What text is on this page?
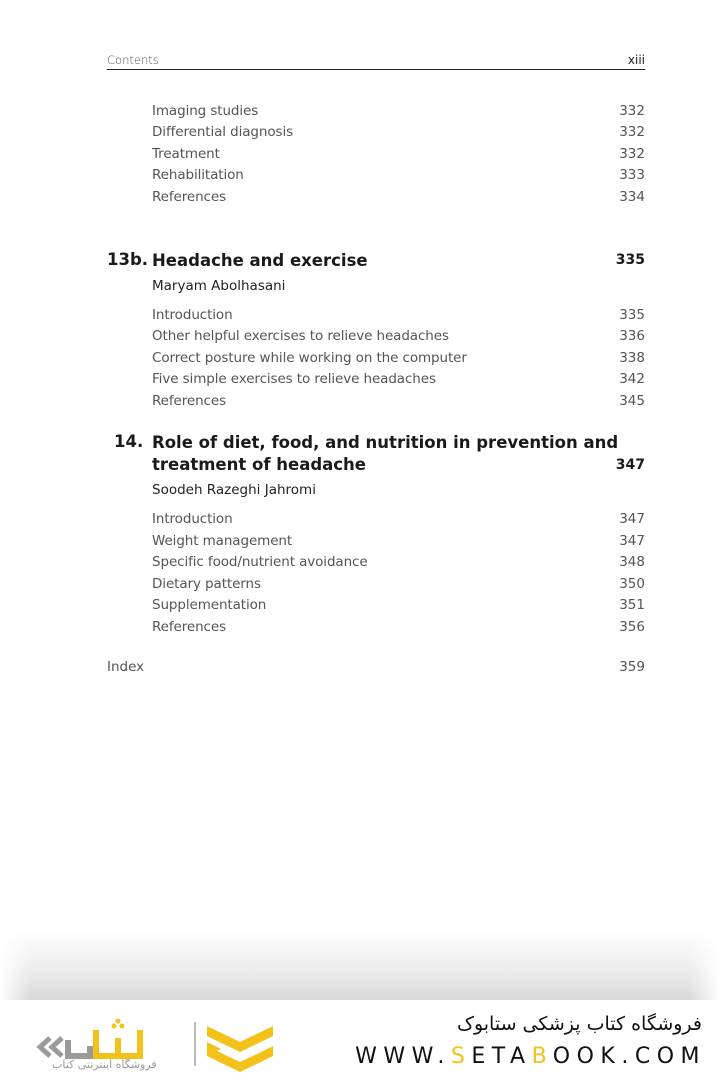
Contents	xiii
Imaging studies	332
Differential diagnosis	332
Treatment	332
Rehabilitation	333
References	334
13b. Headache and exercise	335
Maryam Abolhasani
Introduction	335
Other helpful exercises to relieve headaches	336
Correct posture while working on the computer	338
Five simple exercises to relieve headaches	342
References	345
14. Role of diet, food, and nutrition in prevention and
treatment of headache	347
Soodeh Razeghi Jahromi
Introduction	347
Weight management	347
Specific food/nutrient avoidance	348
Dietary patterns	350
Supplementation	351
References	356
Index	359
فروشگاه اینترنتی کتاب
فروشگاه کتاب پزشکی ستابوک
WWW.SETABOOK.COM
